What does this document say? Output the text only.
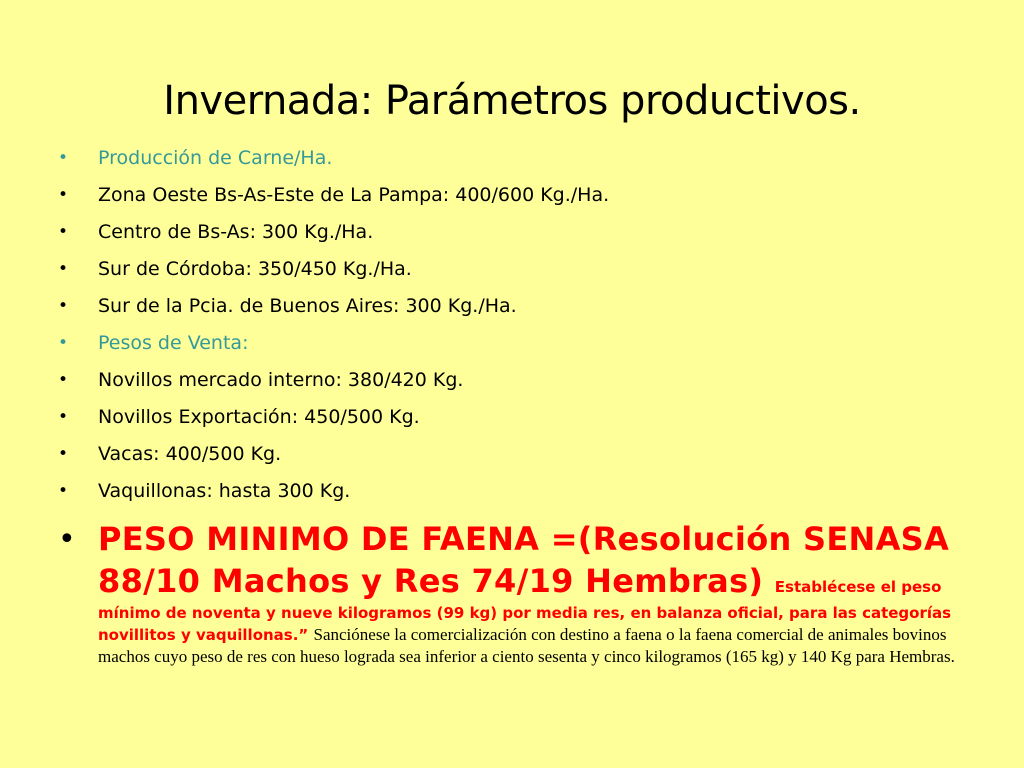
Invernada: Parámetros productivos.
• Producción de Carne/Ha.
• Zona Oeste Bs-As-Este de La Pampa: 400/600 Kg./Ha.
• Centro de Bs-As: 300 Kg./Ha.
• Sur de Córdoba: 350/450 Kg./Ha.
• Sur de la Pcia. de Buenos Aires: 300 Kg./Ha.
• Pesos de Venta:
• Novillos mercado interno: 380/420 Kg.
• Novillos Exportación: 450/500 Kg.
• Vacas: 400/500 Kg.
• Vaquillonas: hasta 300 Kg.
• PESO MINIMO DE FAENA =(Resolución SENASA 88/10 Machos y Res 74/19 Hembras) Establécese el peso mínimo de noventa y nueve kilogramos (99 kg) por media res, en balanza oficial, para las categorías novillitos y vaquillonas.” Sanciónese la comercialización con destino a faena o la faena comercial de animales bovinos machos cuyo peso de res con hueso lograda sea inferior a ciento sesenta y cinco kilogramos (165 kg) y 140 Kg para Hembras.
